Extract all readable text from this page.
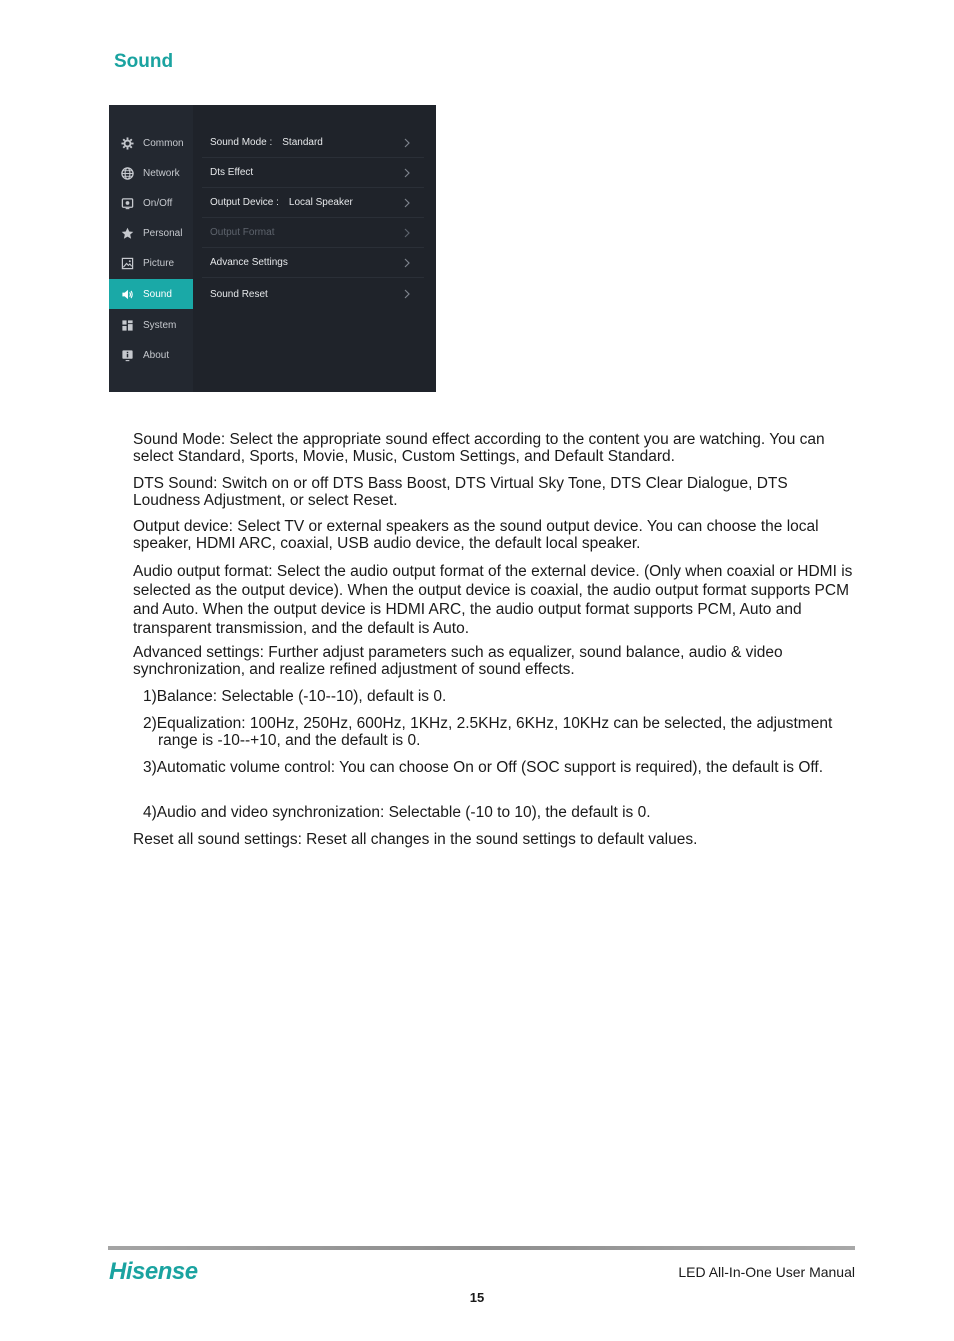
Sound
Common
Network
On/Off
Personal
Picture
Sound
System
About
Sound Mode : Standard
Dts Effect
Output Device : Local Speaker
Output Format
Advance Settings
Sound Reset

Sound Mode: Select the appropriate sound effect according to the content you are watching. You can select Standard, Sports, Movie, Music, Custom Settings, and Default Standard.

DTS Sound: Switch on or off DTS Bass Boost, DTS Virtual Sky Tone, DTS Clear Dialogue, DTS Loudness Adjustment, or select Reset.

Output device: Select TV or external speakers as the sound output device. You can choose the local speaker, HDMI ARC, coaxial, USB audio device, the default local speaker.

Audio output format: Select the audio output format of the external device. (Only when coaxial or HDMI is selected as the output device). When the output device is coaxial, the audio output format supports PCM and Auto. When the output device is HDMI ARC, the audio output format supports PCM, Auto and transparent transmission, and the default is Auto.

Advanced settings: Further adjust parameters such as equalizer, sound balance, audio & video synchronization, and realize refined adjustment of sound effects.

1)Balance: Selectable (-10--10), default is 0.

2)Equalization: 100Hz, 250Hz, 600Hz, 1KHz, 2.5KHz, 6KHz, 10KHz can be selected, the adjustment range is -10--+10, and the default is 0.

3)Automatic volume control: You can choose On or Off (SOC support is required), the default is Off.

4)Audio and video synchronization: Selectable (-10 to 10), the default is 0.

Reset all sound settings: Reset all changes in the sound settings to default values.

Hisense	LED All-In-One User Manual
15
